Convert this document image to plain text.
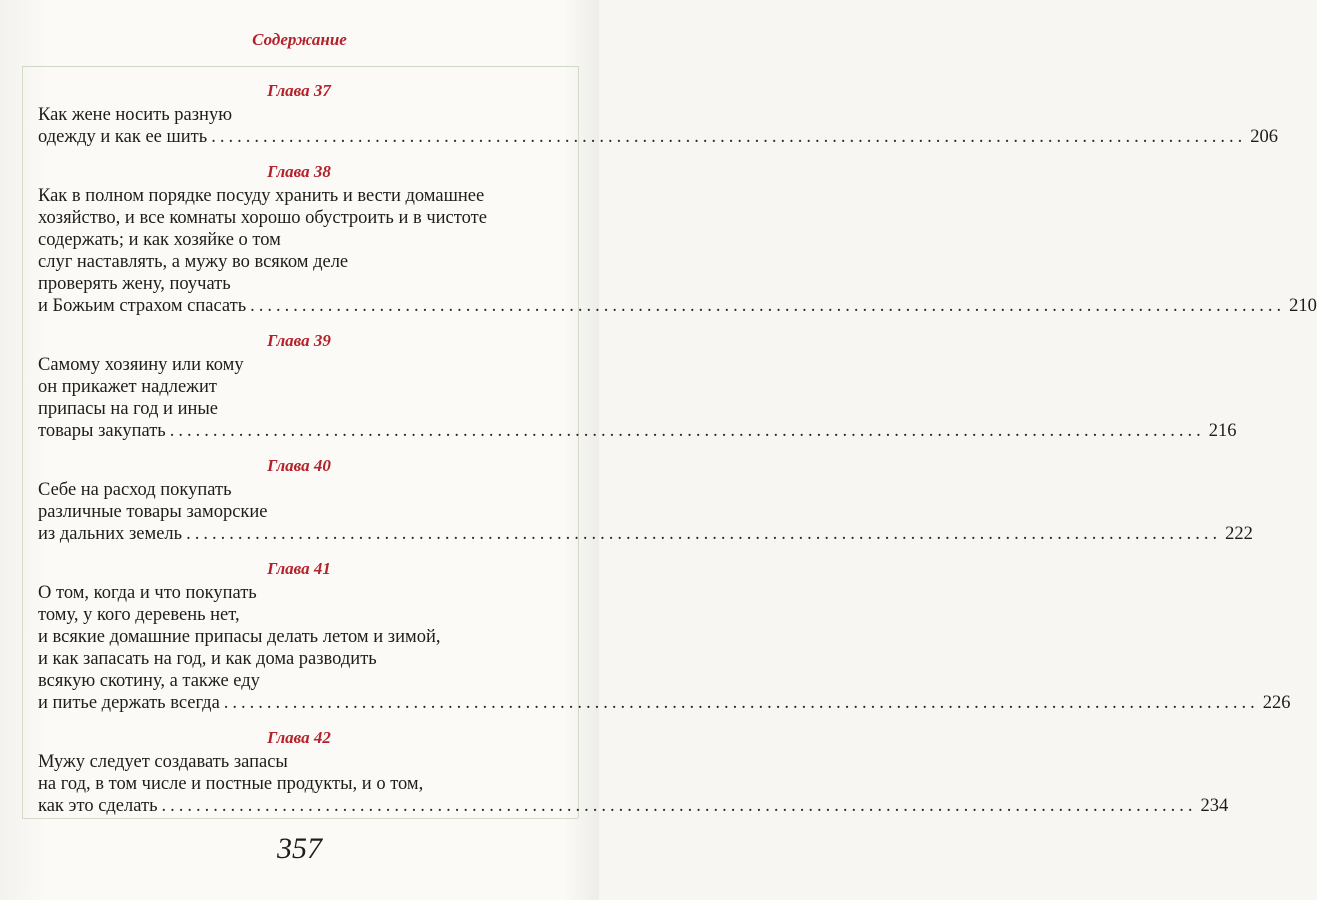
Содержание
Глава 37
Как жене носить разную
одежду и как ее шить ........................................................................................................................ 206
Глава 38
Как в полном порядке посуду хранить и вести домашнее
хозяйство, и все комнаты хорошо обустроить и в чистоте
содержать; и как хозяйке о том
слуг наставлять, а мужу во всяком деле
проверять жену, поучать
и Божьим страхом спасать ........................................................................................................................ 210
Глава 39
Самому хозяину или кому
он прикажет надлежит
припасы на год и иные
товары закупать ........................................................................................................................ 216
Глава 40
Себе на расход покупать
различные товары заморские
из дальних земель ........................................................................................................................ 222
Глава 41
О том, когда и что покупать
тому, у кого деревень нет,
и всякие домашние припасы делать летом и зимой,
и как запасать на год, и как дома разводить
всякую скотину, а также еду
и питье держать всегда ........................................................................................................................ 226
Глава 42
Мужу следует создавать запасы
на год, в том числе и постные продукты, и о том,
как это сделать ........................................................................................................................ 234
357
